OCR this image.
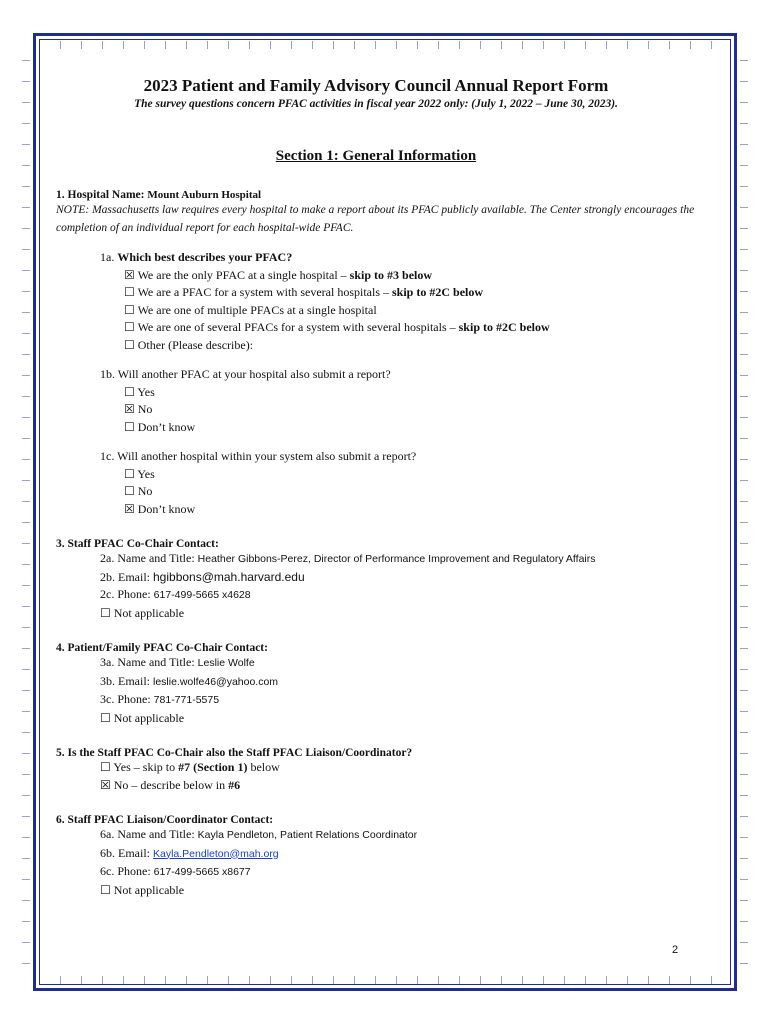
2023 Patient and Family Advisory Council Annual Report Form
The survey questions concern PFAC activities in fiscal year 2022 only: (July 1, 2022 – June 30, 2023).
Section 1: General Information
1. Hospital Name: Mount Auburn Hospital
NOTE: Massachusetts law requires every hospital to make a report about its PFAC publicly available. The Center strongly encourages the completion of an individual report for each hospital-wide PFAC.
1a. Which best describes your PFAC?
☒ We are the only PFAC at a single hospital – skip to #3 below
☐ We are a PFAC for a system with several hospitals – skip to #2C below
☐ We are one of multiple PFACs at a single hospital
☐ We are one of several PFACs for a system with several hospitals – skip to #2C below
☐ Other (Please describe):
1b. Will another PFAC at your hospital also submit a report?
☐ Yes
☒ No
☐ Don’t know
1c. Will another hospital within your system also submit a report?
☐ Yes
☐ No
☒ Don’t know
3. Staff PFAC Co-Chair Contact:
2a. Name and Title: Heather Gibbons-Perez, Director of Performance Improvement and Regulatory Affairs
2b. Email: hgibbons@mah.harvard.edu
2c. Phone: 617-499-5665 x4628
☐ Not applicable
4. Patient/Family PFAC Co-Chair Contact:
3a. Name and Title: Leslie Wolfe
3b. Email: leslie.wolfe46@yahoo.com
3c. Phone: 781-771-5575
☐ Not applicable
5. Is the Staff PFAC Co-Chair also the Staff PFAC Liaison/Coordinator?
☐ Yes – skip to #7 (Section 1) below
☒ No – describe below in #6
6. Staff PFAC Liaison/Coordinator Contact:
6a. Name and Title: Kayla Pendleton, Patient Relations Coordinator
6b. Email: Kayla.Pendleton@mah.org
6c. Phone: 617-499-5665 x8677
☐ Not applicable
2
